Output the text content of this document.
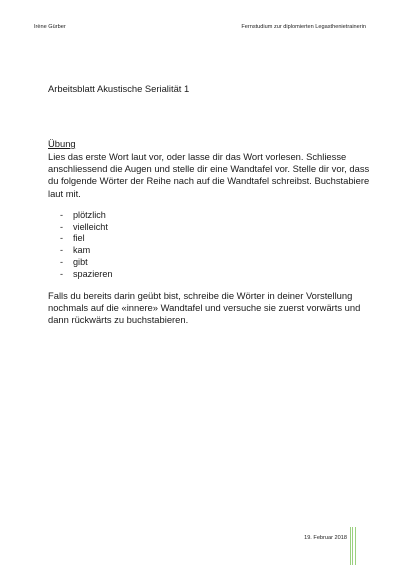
Irène Gürber	Fernstudium zur diplomierten Legasthenietrainerin
Arbeitsblatt Akustische Serialität 1
Übung

Lies das erste Wort laut vor, oder lasse dir das Wort vorlesen. Schliesse anschliessend die Augen und stelle dir eine Wandtafel vor. Stelle dir vor, dass du folgende Wörter der Reihe nach auf die Wandtafel schreibst. Buchstabiere laut mit.

- plötzlich
- vielleicht
- fiel
- kam
- gibt
- spazieren

Falls du bereits darin geübt bist, schreibe die Wörter in deiner Vorstellung nochmals auf die «innere» Wandtafel und versuche sie zuerst vorwärts und dann rückwärts zu buchstabieren.

19. Februar 2018
